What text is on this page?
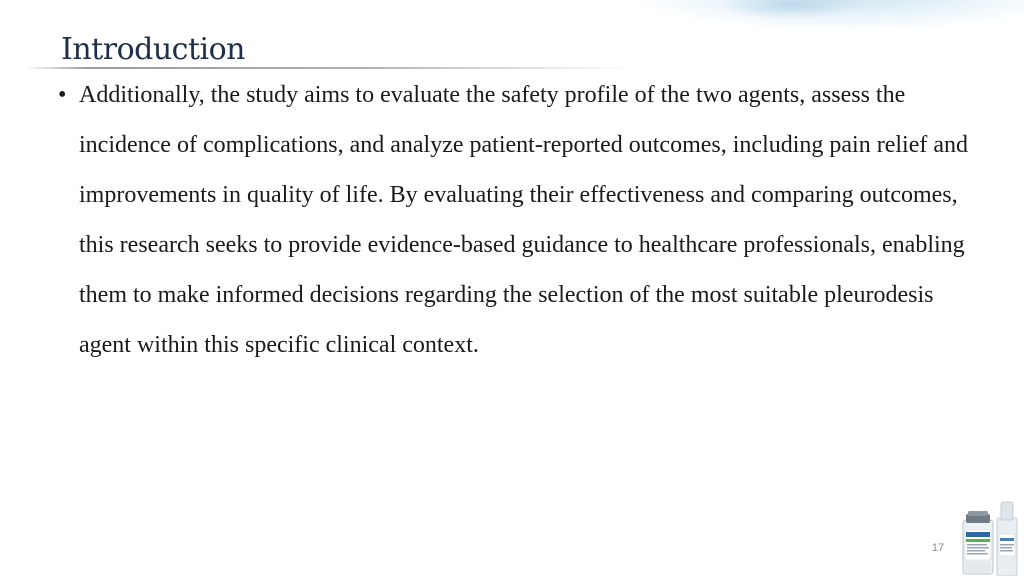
Introduction
• Additionally, the study aims to evaluate the safety profile of the two agents, assess the incidence of complications, and analyze patient-reported outcomes, including pain relief and improvements in quality of life. By evaluating their effectiveness and comparing outcomes, this research seeks to provide evidence-based guidance to healthcare professionals, enabling them to make informed decisions regarding the selection of the most suitable pleurodesis agent within this specific clinical context.

17
